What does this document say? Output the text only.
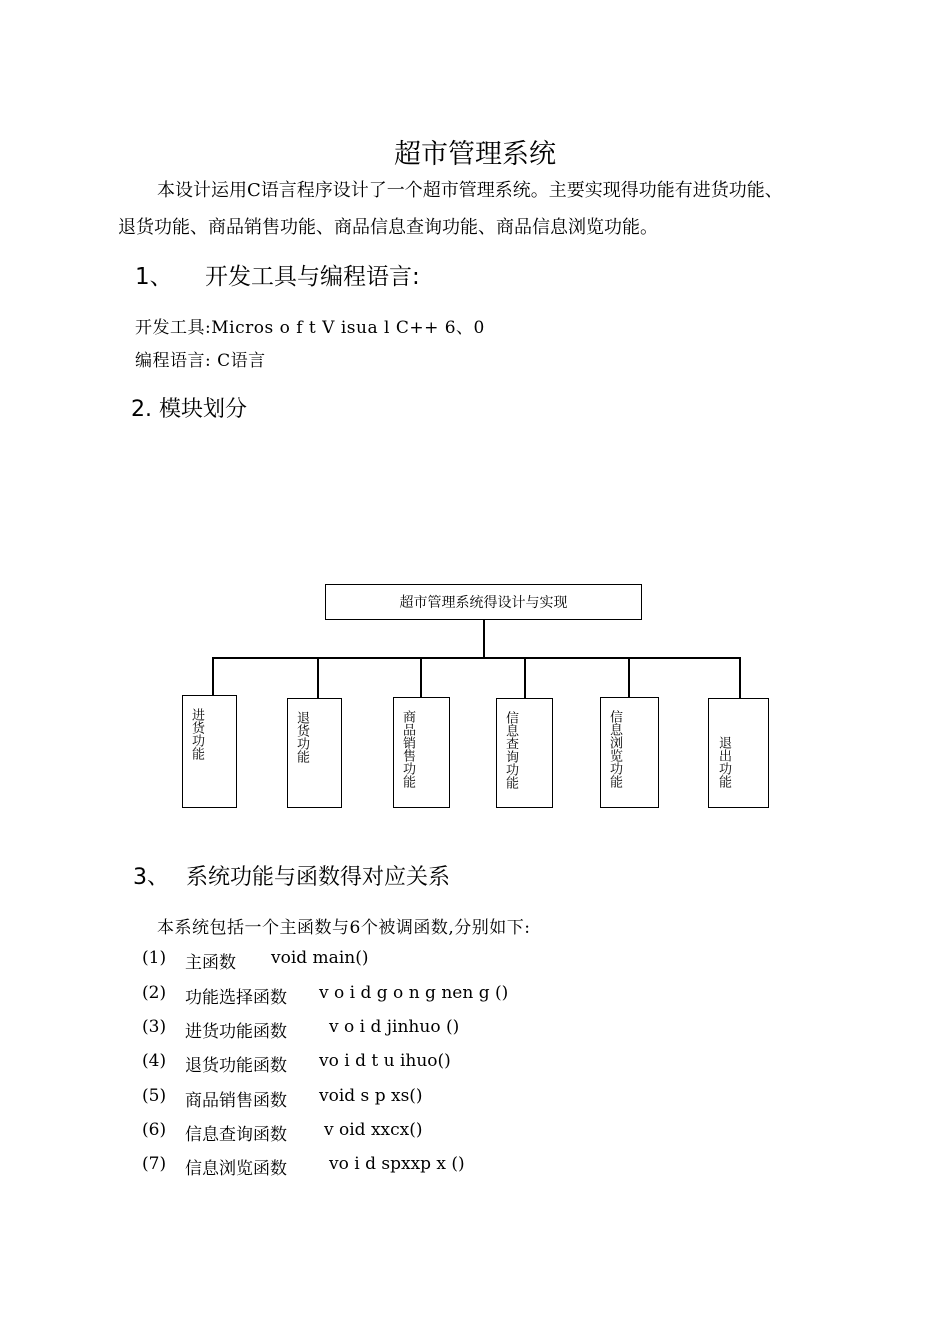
超市管理系统
本设计运用C语言程序设计了一个超市管理系统。主要实现得功能有进货功能、
退货功能、商品销售功能、商品信息查询功能、商品信息浏览功能。
1、 开发工具与编程语言:
开发工具:Micros o f t V isua l C++ 6、0
编程语言: C语言
2. 模块划分
超市管理系统得设计与实现
进货功能	退货功能	商品销售功能	信息查询功能	信息浏览功能	退出功能
3、 系统功能与函数得对应关系
本系统包括一个主函数与6个被调函数,分别如下:
(1) 主函数 void main()
(2) 功能选择函数 v o i d g o n g nen g ()
(3) 进货功能函数 v o i d jinhuo ()
(4) 退货功能函数 vo i d t u ihuo()
(5) 商品销售函数 void s p xs()
(6) 信息查询函数 v oid xxcx()
(7) 信息浏览函数 vo i d spxxp x ()
